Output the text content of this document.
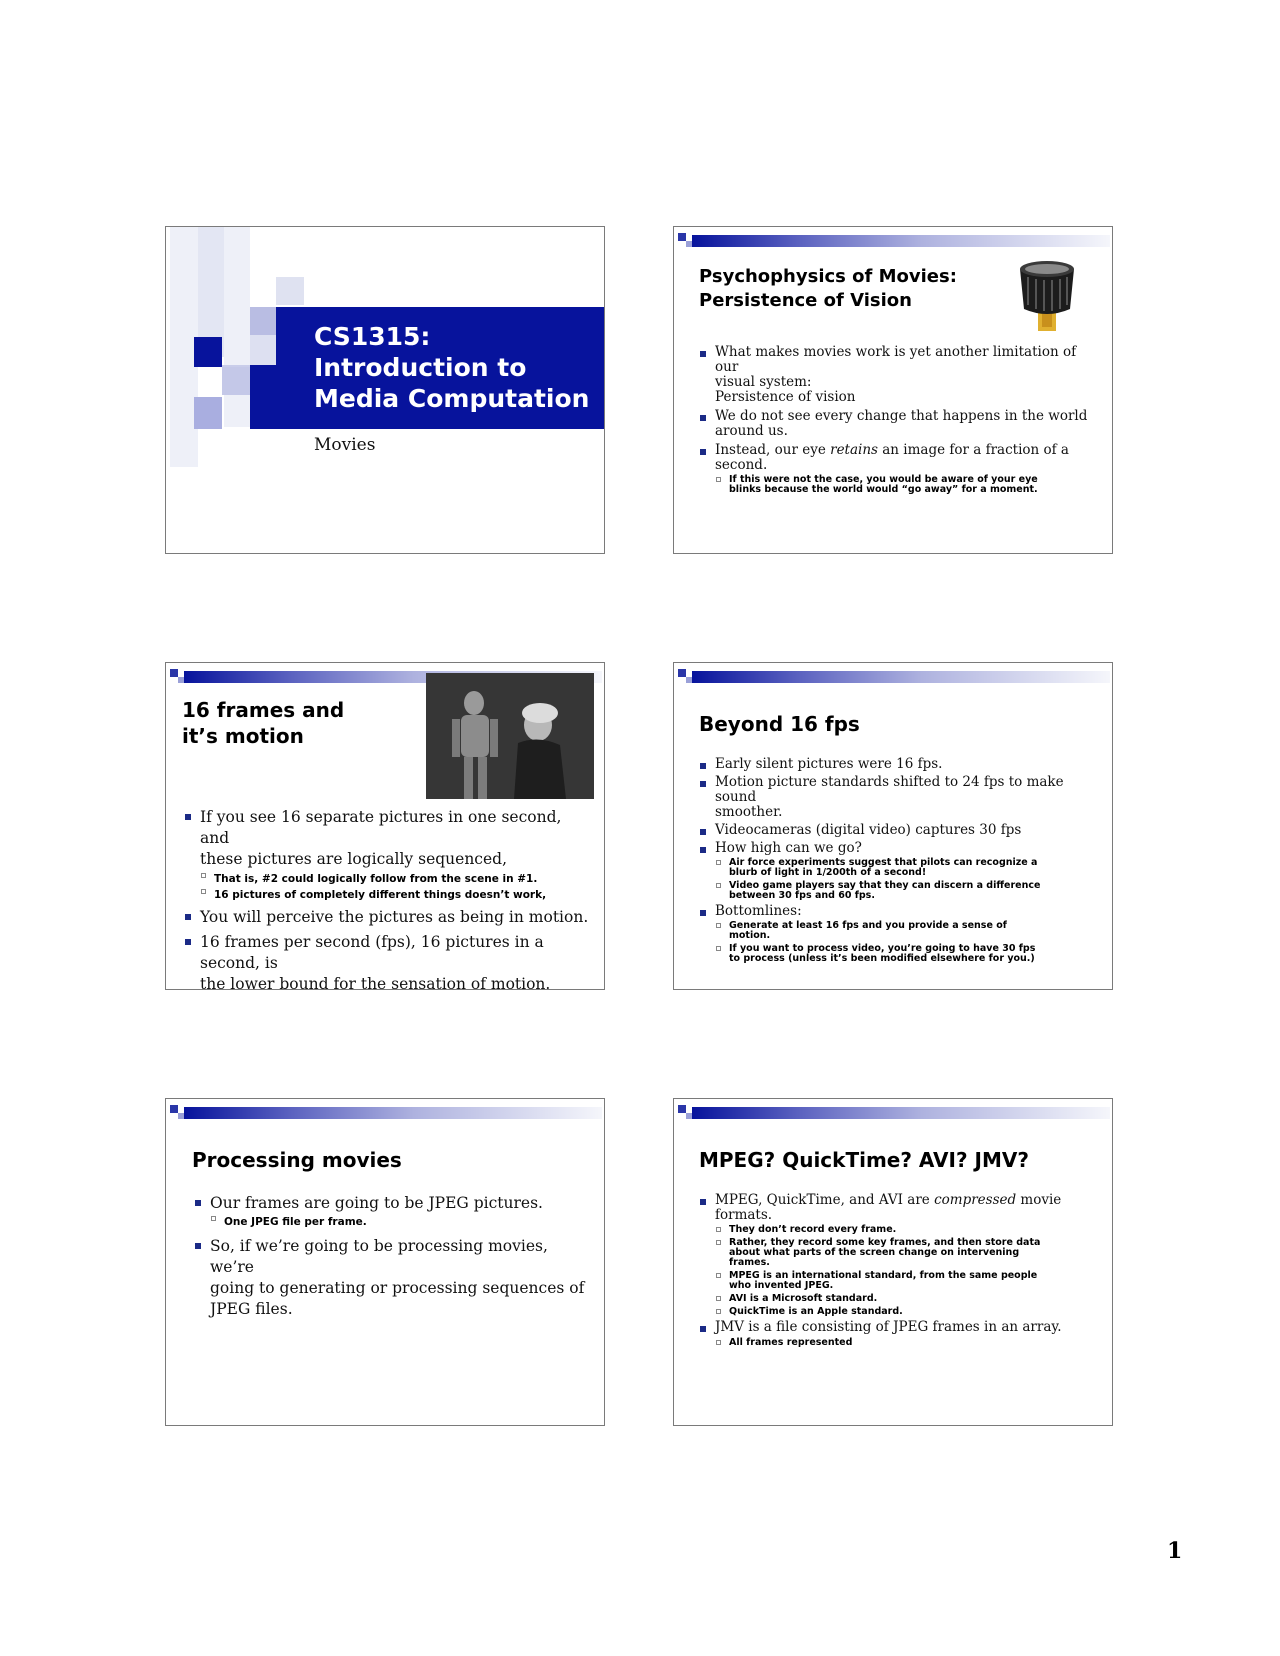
CS1315:
Introduction to
Media Computation
Movies
Psychophysics of Movies:
Persistence of Vision
What makes movies work is yet another limitation of our
visual system:
Persistence of vision
We do not see every change that happens in the world
around us.
Instead, our eye retains an image for a fraction of a
second.
If this were not the case, you would be aware of your eye
blinks because the world would “go away” for a moment.
16 frames and
it’s motion
If you see 16 separate pictures in one second, and
these pictures are logically sequenced,
That is, #2 could logically follow from the scene in #1.
16 pictures of completely different things doesn’t work,
You will perceive the pictures as being in motion.
16 frames per second (fps), 16 pictures in a second, is
the lower bound for the sensation of motion.
Beyond 16 fps
Early silent pictures were 16 fps.
Motion picture standards shifted to 24 fps to make sound
smoother.
Videocameras (digital video) captures 30 fps
How high can we go?
Air force experiments suggest that pilots can recognize a
blurb of light in 1/200th of a second!
Video game players say that they can discern a difference
between 30 fps and 60 fps.
Bottomlines:
Generate at least 16 fps and you provide a sense of
motion.
If you want to process video, you’re going to have 30 fps
to process (unless it’s been modified elsewhere for you.)
Processing movies
Our frames are going to be JPEG pictures.
One JPEG file per frame.
So, if we’re going to be processing movies, we’re
going to generating or processing sequences of
JPEG files.
MPEG? QuickTime? AVI? JMV?
MPEG, QuickTime, and AVI are compressed movie
formats.
They don’t record every frame.
Rather, they record some key frames, and then store data
about what parts of the screen change on intervening
frames.
MPEG is an international standard, from the same people
who invented JPEG.
AVI is a Microsoft standard.
QuickTime is an Apple standard.
JMV is a file consisting of JPEG frames in an array.
All frames represented
1
